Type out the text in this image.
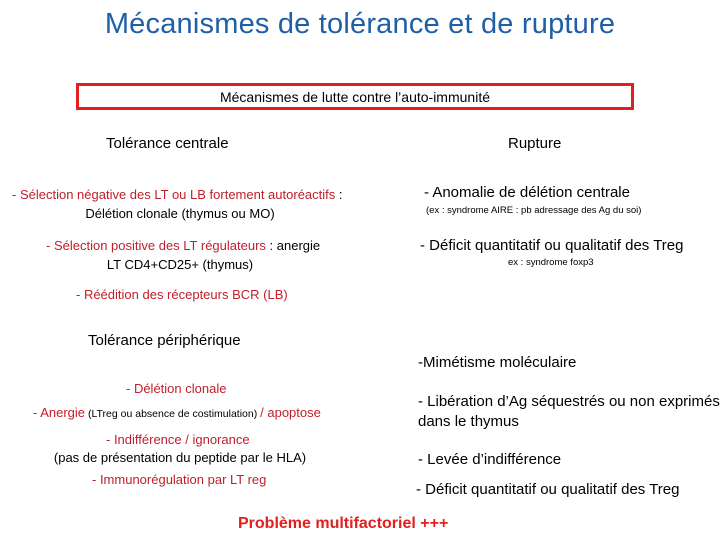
Mécanismes de tolérance et de rupture
Mécanismes de lutte contre l’auto-immunité
Tolérance centrale
- Sélection négative des LT ou LB fortement autoréactifs :
Délétion clonale (thymus ou MO)
- Sélection positive des LT régulateurs : anergie
LT CD4+CD25+ (thymus)
- Réédition des récepteurs BCR (LB)
Tolérance périphérique
- Délétion clonale
- Anergie (LTreg ou absence de costimulation) / apoptose
- Indifférence / ignorance
(pas de présentation du peptide par le HLA)
- Immunorégulation par LT reg
Rupture
- Anomalie de délétion centrale
(ex : syndrome AIRE : pb adressage des Ag du soi)
- Déficit quantitatif ou qualitatif des Treg
ex : syndrome foxp3
-Mimétisme moléculaire
- Libération d’Ag séquestrés ou non exprimés
dans le thymus
- Levée d’indifférence
- Déficit quantitatif ou qualitatif des Treg
Problème multifactoriel +++
